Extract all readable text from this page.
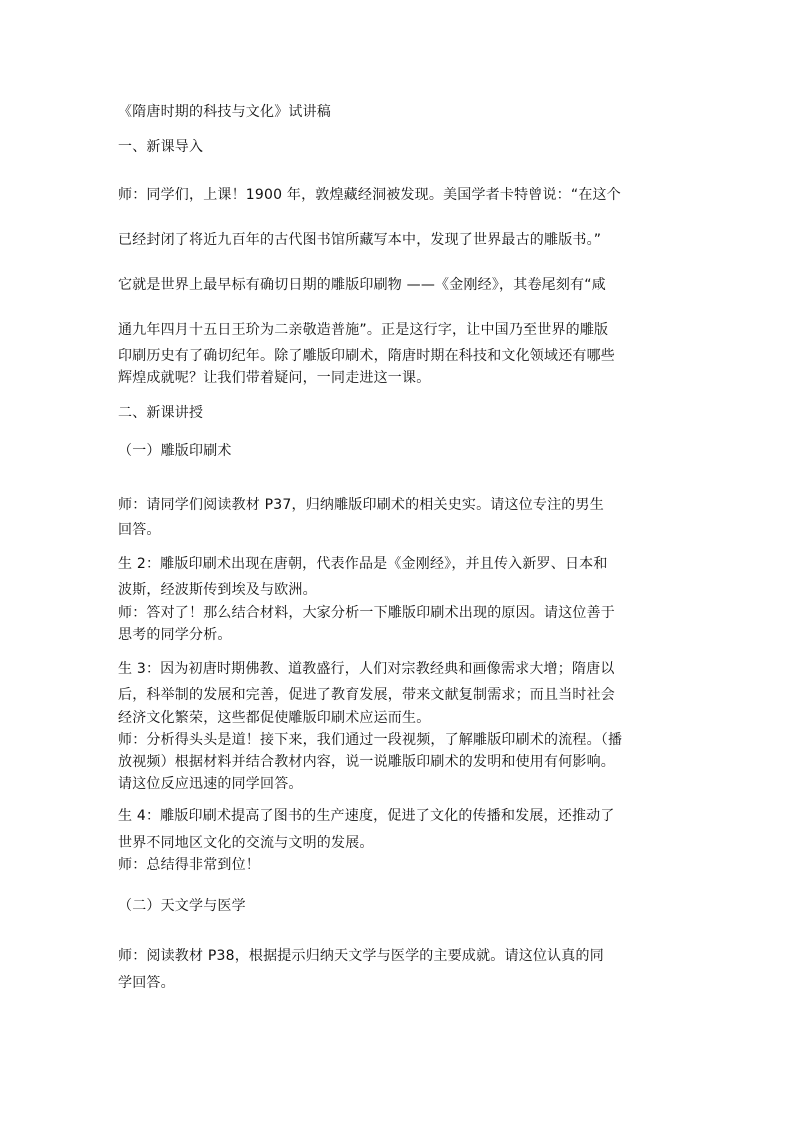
《隋唐时期的科技与文化》试讲稿
一、新课导入
师：同学们，上课！1900 年，敦煌藏经洞被发现。美国学者卡特曾说：“在这个
已经封闭了将近九百年的古代图书馆所藏写本中，发现了世界最古的雕版书。”
它就是世界上最早标有确切日期的雕版印刷物 ——《金刚经》，其卷尾刻有“咸
通九年四月十五日王玠为二亲敬造普施”。正是这行字，让中国乃至世界的雕版
印刷历史有了确切纪年。除了雕版印刷术，隋唐时期在科技和文化领域还有哪些
辉煌成就呢？让我们带着疑问，一同走进这一课。
二、新课讲授
（一）雕版印刷术
师：请同学们阅读教材 P37，归纳雕版印刷术的相关史实。请这位专注的男生
回答。
生 2：雕版印刷术出现在唐朝，代表作品是《金刚经》，并且传入新罗、日本和
波斯，经波斯传到埃及与欧洲。
师：答对了！那么结合材料，大家分析一下雕版印刷术出现的原因。请这位善于
思考的同学分析。
生 3：因为初唐时期佛教、道教盛行，人们对宗教经典和画像需求大增；隋唐以
后，科举制的发展和完善，促进了教育发展，带来文献复制需求；而且当时社会
经济文化繁荣，这些都促使雕版印刷术应运而生。
师：分析得头头是道！接下来，我们通过一段视频，了解雕版印刷术的流程。（播
放视频）根据材料并结合教材内容，说一说雕版印刷术的发明和使用有何影响。
请这位反应迅速的同学回答。
生 4：雕版印刷术提高了图书的生产速度，促进了文化的传播和发展，还推动了
世界不同地区文化的交流与文明的发展。
师：总结得非常到位！
（二）天文学与医学
师：阅读教材 P38，根据提示归纳天文学与医学的主要成就。请这位认真的同
学回答。
